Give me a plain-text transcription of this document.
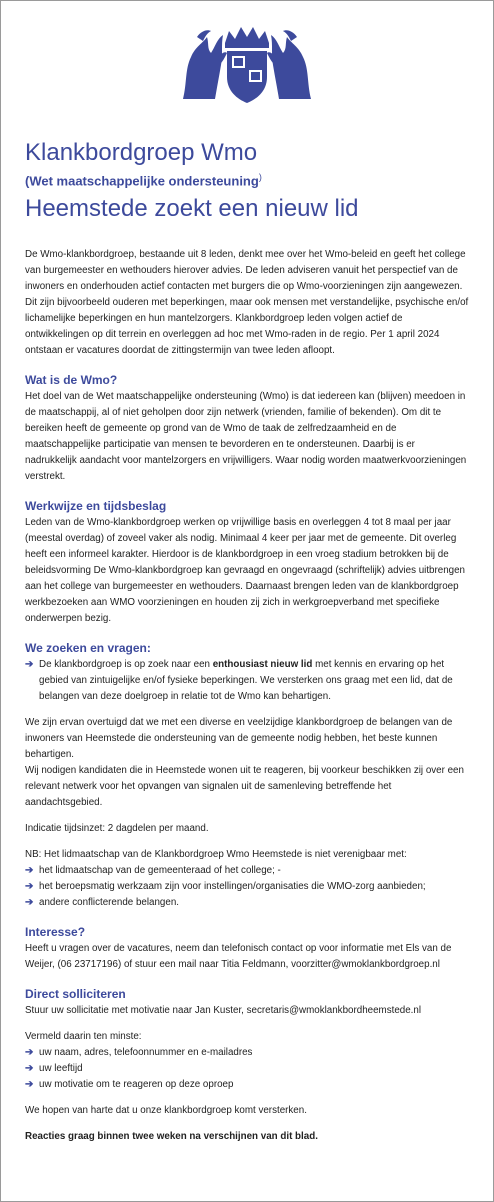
Klankbordgroep Wmo
(Wet maatschappelijke ondersteuning)
Heemstede zoekt een nieuw lid

De Wmo-klankbordgroep, bestaande uit 8 leden, denkt mee over het Wmo-beleid en geeft het college van burgemeester en wethouders hierover advies. De leden adviseren vanuit het perspectief van de inwoners en onderhouden actief contacten met burgers die op Wmo-voorzieningen zijn aangewezen. Dit zijn bijvoorbeeld ouderen met beperkingen, maar ook mensen met verstandelijke, psychische en/of lichamelijke beperkingen en hun mantelzorgers. Klankbordgroep leden volgen actief de ontwikkelingen op dit terrein en overleggen ad hoc met Wmo-raden in de regio. Per 1 april 2024 ontstaan er vacatures doordat de zittingstermijn van twee leden afloopt.

Wat is de Wmo?

Het doel van de Wet maatschappelijke ondersteuning (Wmo) is dat iedereen kan (blijven) meedoen in de maatschappij, al of niet geholpen door zijn netwerk (vrienden, familie of bekenden). Om dit te bereiken heeft de gemeente op grond van de Wmo de taak de zelfredzaamheid en de maatschappelijke participatie van mensen te bevorderen en te ondersteunen. Daarbij is er nadrukkelijk aandacht voor mantelzorgers en vrijwilligers. Waar nodig worden maatwerkvoorzieningen verstrekt.

Werkwijze en tijdsbeslag

Leden van de Wmo-klankbordgroep werken op vrijwillige basis en overleggen 4 tot 8 maal per jaar (meestal overdag) of zoveel vaker als nodig. Minimaal 4 keer per jaar met de gemeente. Dit overleg heeft een informeel karakter. Hierdoor is de klankbordgroep in een vroeg stadium betrokken bij de beleidsvorming De Wmo-klankbordgroep kan gevraagd en ongevraagd (schriftelijk) advies uitbrengen aan het college van burgemeester en wethouders. Daarnaast brengen leden van de klankbordgroep werkbezoeken aan WMO voorzieningen en houden zij zich in werkgroepverband met specifieke onderwerpen bezig.

We zoeken en vragen:
➔ De klankbordgroep is op zoek naar een enthousiast nieuw lid met kennis en ervaring op het gebied van zintuigelijke en/of fysieke beperkingen. We versterken ons graag met een lid, dat de belangen van deze doelgroep in relatie tot de Wmo kan behartigen.

We zijn ervan overtuigd dat we met een diverse en veelzijdige klankbordgroep de belangen van de inwoners van Heemstede die ondersteuning van de gemeente nodig hebben, het beste kunnen behartigen.

Wij nodigen kandidaten die in Heemstede wonen uit te reageren, bij voorkeur beschikken zij over een relevant netwerk voor het opvangen van signalen uit de samenleving betreffende het aandachtsgebied.

Indicatie tijdsinzet: 2 dagdelen per maand.

NB: Het lidmaatschap van de Klankbordgroep Wmo Heemstede is niet verenigbaar met:

➔ het lidmaatschap van de gemeenteraad of het college; -
➔ het beroepsmatig werkzaam zijn voor instellingen/organisaties die WMO-zorg aanbieden;
➔ andere conflicterende belangen.
Interesse?

Heeft u vragen over de vacatures, neem dan telefonisch contact op voor informatie met Els van de Weijer, (06 23717196) of stuur een mail naar Titia Feldmann, voorzitter@wmoklankbordgroep.nl

Direct solliciteren

Stuur uw sollicitatie met motivatie naar Jan Kuster, secretaris@wmoklankbordheemstede.nl

Vermeld daarin ten minste:

➔ uw naam, adres, telefoonnummer en e-mailadres
➔ uw leeftijd
➔ uw motivatie om te reageren op deze oproep

We hopen van harte dat u onze klankbordgroep komt versterken.

Reacties graag binnen twee weken na verschijnen van dit blad.
